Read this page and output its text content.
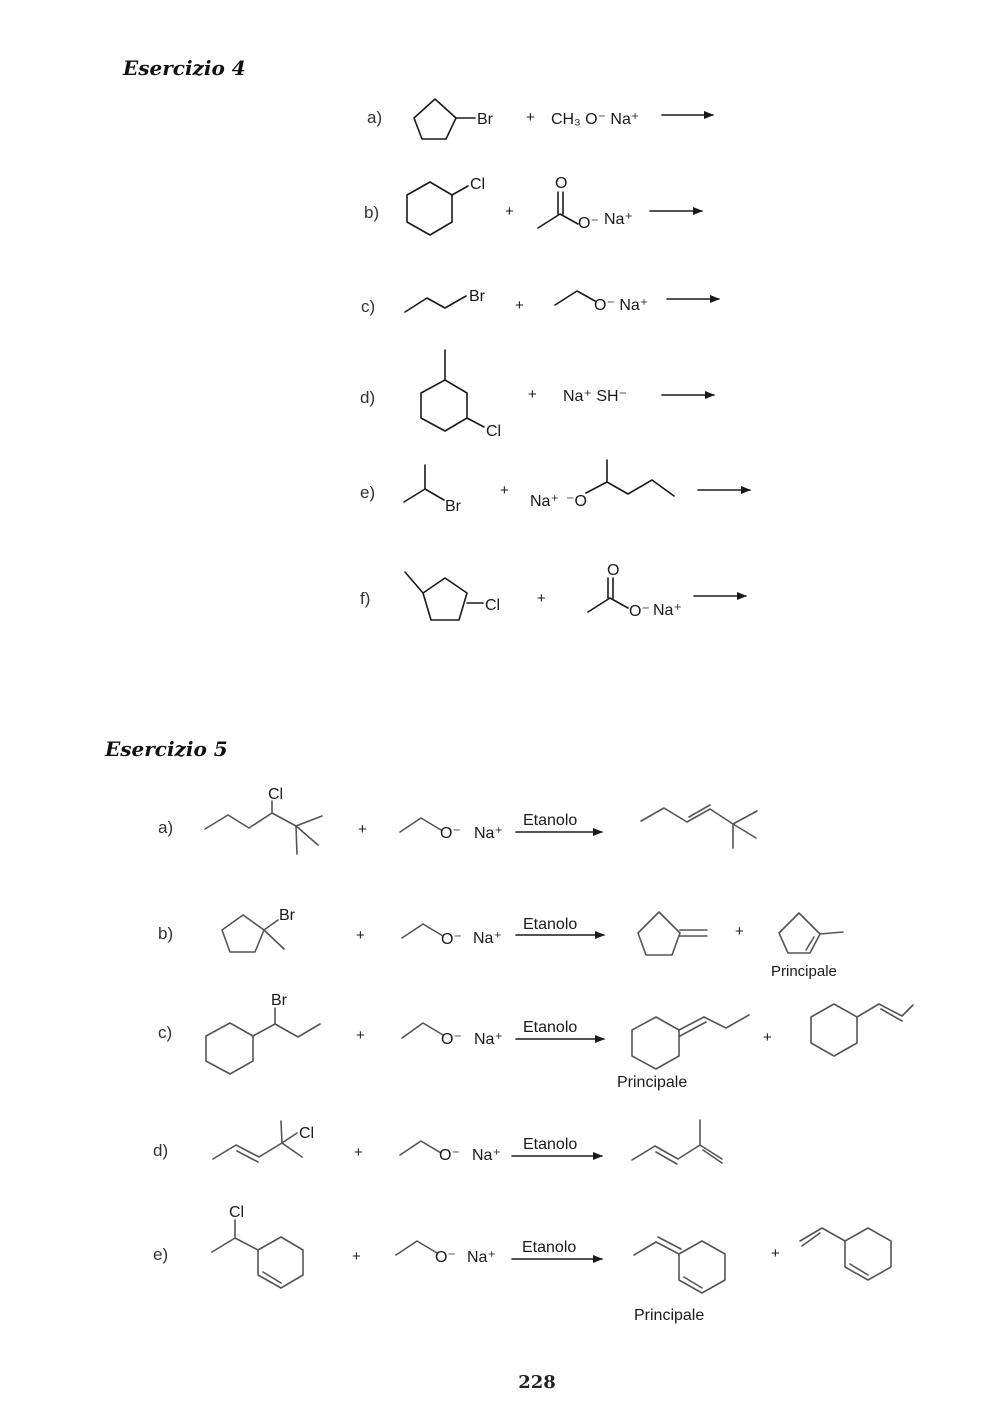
Esercizio 4
Esercizio 5
a)
b)
c)
d)
e)
f)
a)
b)
c)
d)
e)
Br + CH₃ O⁻ Na⁺
Cl
+
O
O⁻ Na⁺
Br
+	O⁻ Na⁺
Cl
+ Na⁺ SH⁻
Br
+
Na⁺ ⁻O
Cl +
O
O⁻ Na⁺
Cl
+	O⁻ Na⁺
Etanolo
Br
+	O⁻ Na⁺
Etanolo	+
Principale
Br
+	O⁻ Na⁺
Etanolo
Principale
+
Cl
+	O⁻ Na⁺
Etanolo
Cl
+	O⁻ Na⁺
Etanolo
Principale
+
228
